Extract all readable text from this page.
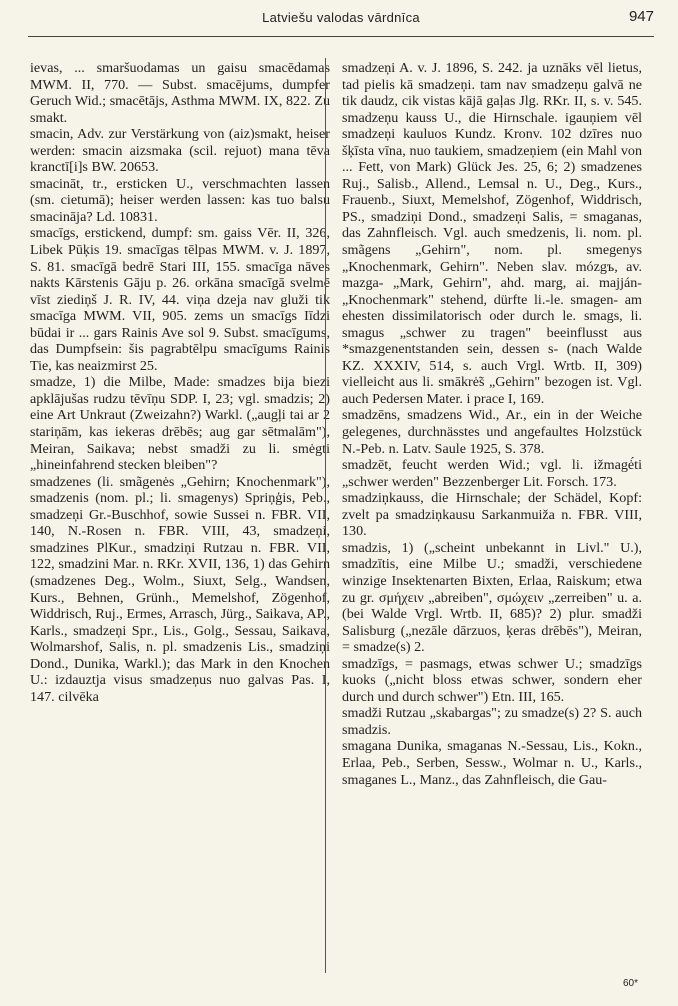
Latviešu valodas vārdnīca	947

ievas, ... smaršuodamas un gaisu smacēdamas MWM. II, 770. — Subst. smacējums, dumpfer Geruch Wid.; smacētājs, Asthma MWM. IX, 822. Zu smakt.

smacin, Adv. zur Verstärkung von (aiz)smakt, heiser werden: smacin aizsmaka (scil. rejuot) mana tēva kranctī[i]s BW. 20653.

smacināt, tr., ersticken U., verschmachten lassen (sm. cietumā); heiser werden lassen: kas tuo balsu smacināja? Ld. 10831.

smacīgs, erstickend, dumpf: sm. gaiss Vēr. II, 326, Libek Pūķis 19. smacīgas tēlpas MWM. v. J. 1897, S. 81. smacīgā bedrē Stari III, 155. smacīga nāves nakts Kārstenis Gāju p. 26. orkāna smacīgā svelmē vīst ziediņš J. R. IV, 44. viņa dzeja nav gluži tik smacīga MWM. VII, 905. zems un smacīgs Iīdzi būdai ir ... gars Rainis Ave sol 9. Subst. smacīgums, das Dumpfsein: šis pagrabtēlpu smacīgums Rainis Tie, kas neaizmirst 25.

smadze, 1) die Milbe, Made: smadzes bija biezi apklājušas rudzu tēvīņu SDP. I, 23; vgl. smadzis; 2) eine Art Unkraut (Zweizahn?) Warkl. („augļi tai ar 2 stariņām, kas iekeras drēbēs; aug gar sētmalām"), Meiran, Saikava; nebst smadži zu li. smėgti „hineinfahrend stecken bleiben"?

smadzenes (li. smãgenės „Gehirn; Knochenmark"), smadzenis (nom. pl.; li. smagenys) Spriņģis, Peb., smadzeņi Gr.-Buschhof, sowie Sussei n. FBR. VII, 140, N.-Rosen n. FBR. VIII, 43, smadzeņi, smadzines PlKur., smadziņi Rutzau n. FBR. VII, 122, smadzini Mar. n. RKr. XVII, 136, 1) das Gehirn (smadzenes Deg., Wolm., Siuxt, Selg., Wandsen, Kurs., Behnen, Grünh., Memelshof, Zögenhof, Widdrisch, Ruj., Ermes, Arrasch, Jürg., Saikava, AP., Karls., smadzeņi Spr., Lis., Golg., Sessau, Saikava, Wolmarshof, Salis, n. pl. smadzenis Lis., smadziņi Dond., Dunika, Warkl.); das Mark in den Knochen U.: izdauztja visus smadzeņus nuo galvas Pas. I, 147. cilvēka

smadzeņi A. v. J. 1896, S. 242. ja uznāks vēl lietus, tad pielis kā smadzeņi. tam nav smadzeņu galvā ne tik daudz, cik vistas kājā gaļas Jlg. RKr. II, s. v. 545. smadzeņu kauss U., die Hirnschale. igauņiem vēl smadzeņi kauluos Kundz. Kronv. 102 dzīres nuo šķīsta vīna, nuo taukiem, smadzeņiem (ein Mahl von ... Fett, von Mark) Glück Jes. 25, 6; 2) smadzenes Ruj., Salisb., Allend., Lemsal n. U., Deg., Kurs., Frauenb., Siuxt, Memelshof, Zögenhof, Widdrisch, PS., smadziņi Dond., smadzeņi Salis, = smaganas, das Zahnfleisch. Vgl. auch smedzenis, li. nom. pl. smãgens „Gehirn", nom. pl. smegenys „Knochenmark, Gehirn". Neben slav. mózgъ, av. mazga- „Mark, Gehirn", ahd. marg, ai. majján- „Knochenmark" stehend, dürfte li.-le. smagen- am ehesten dissimilatorisch oder durch le. smags, li. smagus „schwer zu tragen" beeinflusst aus *smazgenentstanden sein, dessen s- (nach Walde KZ. XXXIV, 514, s. auch Vrgl. Wrtb. II, 309) vielleicht aus li. smākrė̃s „Gehirn" bezogen ist. Vgl. auch Pedersen Mater. i prace I, 169.

smadzēns, smadzens Wid., Ar., ein in der Weiche gelegenes, durchnässtes und angefaultes Holzstück N.-Peb. n. Latv. Saule 1925, S. 378.

smadzēt, feucht werden Wid.; vgl. li. ižmagė́ti „schwer werden" Bezzenberger Lit. Forsch. 173.

smadziņkauss, die Hirnschale; der Schädel, Kopf: zvelt pa smadziņkausu Sarkanmuiža n. FBR. VIII, 130.

smadzis, 1) („scheint unbekannt in Livl." U.), smadzītis, eine Milbe U.; smadži, verschiedene winzige Insektenarten Bixten, Erlaa, Raiskum; etwa zu gr. σμήχειν „abreiben", σμώχειν „zerreiben" u. a. (bei Walde Vrgl. Wrtb. II, 685)? 2) plur. smadži Salisburg („nezāle dārzuos, ķeras drēbēs"), Meiran, = smadze(s) 2.

smadzīgs, = pasmags, etwas schwer U.; smadzīgs kuoks („nicht bloss etwas schwer, sondern eher durch und durch schwer") Etn. III, 165.

smadži Rutzau „skabargas"; zu smadze(s) 2? S. auch smadzis.

smagana Dunika, smaganas N.-Sessau, Lis., Kokn., Erlaa, Peb., Serben, Sessw., Wolmar n. U., Karls., smaganes L., Manz., das Zahnfleisch, die Gau-

60*
